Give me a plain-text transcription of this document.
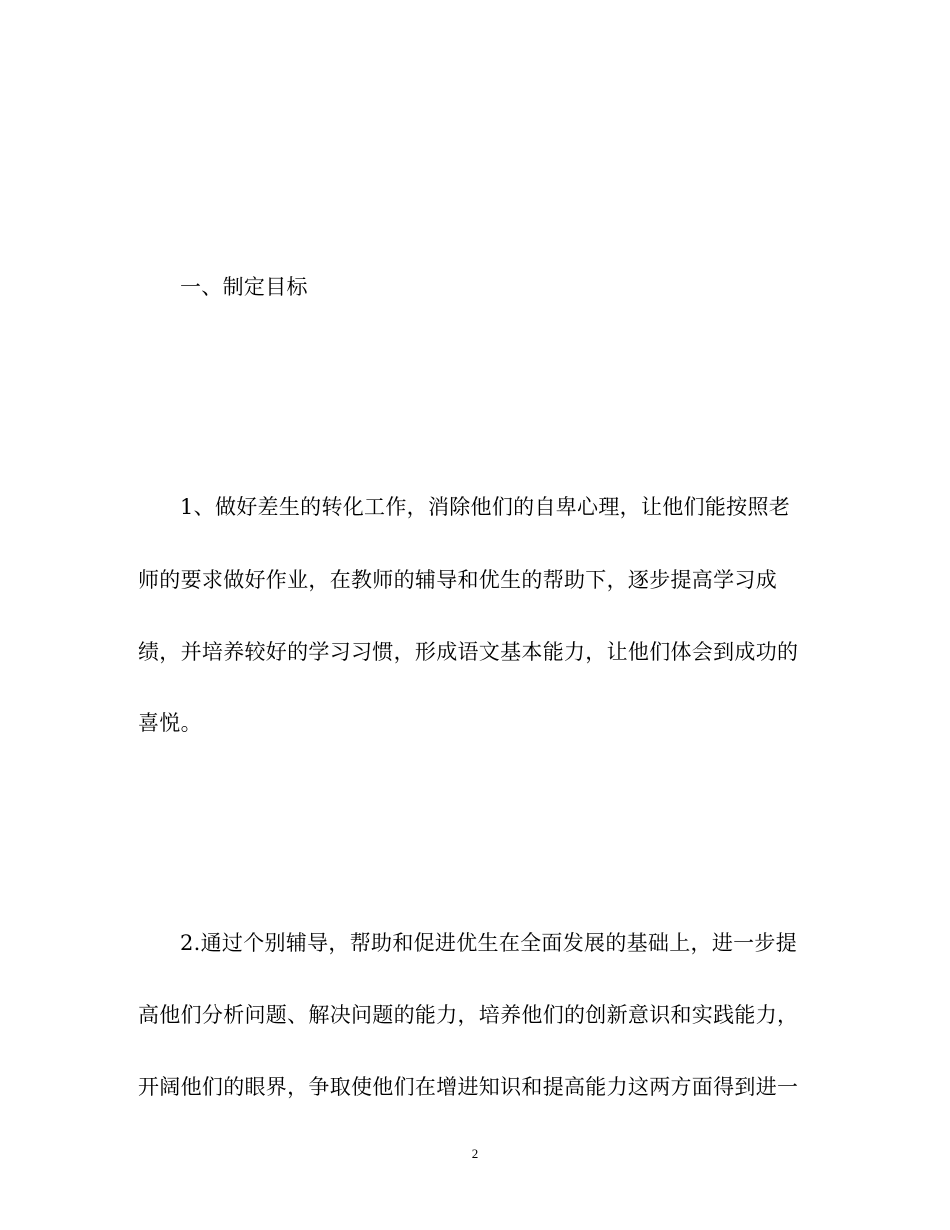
一、制定目标
1、做好差生的转化工作，消除他们的自卑心理，让他们能按照老
师的要求做好作业，在教师的辅导和优生的帮助下，逐步提高学习成
绩，并培养较好的学习习惯，形成语文基本能力，让他们体会到成功的
喜悦。
2.通过个别辅导，帮助和促进优生在全面发展的基础上，进一步提
高他们分析问题、解决问题的能力，培养他们的创新意识和实践能力，
开阔他们的眼界，争取使他们在增进知识和提高能力这两方面得到进一
2
